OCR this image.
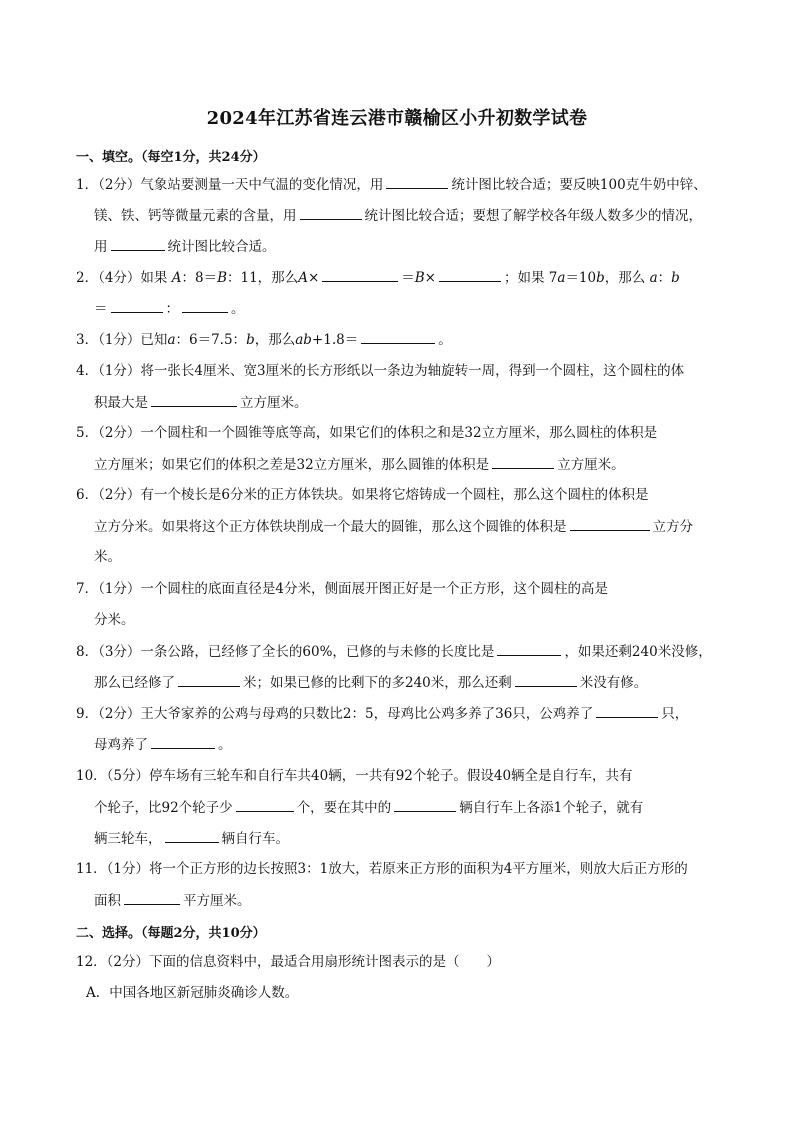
2024年江苏省连云港市赣榆区小升初数学试卷
一、填空。（每空1分，共24分）
1．（2分）气象站要测量一天中气温的变化情况，用	统计图比较合适；要反映100克牛奶中锌、
镁、铁、钙等微量元素的含量，用	统计图比较合适；要想了解学校各年级人数多少的情况，
用	统计图比较合适。
2．（4分）如果 A：8＝B：11，那么A×	＝B×	；如果 7a＝10b，那么 a：b
＝	：	。
3．（1分）已知a：6＝7.5：b，那么ab+1.8＝	。
4．（1分）将一张长4厘米、宽3厘米的长方形纸以一条边为轴旋转一周，得到一个圆柱，这个圆柱的体
积最大是	立方厘米。
5．（2分）一个圆柱和一个圆锥等底等高，如果它们的体积之和是32立方厘米，那么圆柱的体积是
立方厘米；如果它们的体积之差是32立方厘米，那么圆锥的体积是	立方厘米。
6．（2分）有一个棱长是6分米的正方体铁块。如果将它熔铸成一个圆柱，那么这个圆柱的体积是
立方分米。如果将这个正方体铁块削成一个最大的圆锥，那么这个圆锥的体积是	立方分
米。
7．（1分）一个圆柱的底面直径是4分米，侧面展开图正好是一个正方形，这个圆柱的高是
分米。
8．（3分）一条公路，已经修了全长的60%，已修的与未修的长度比是	，如果还剩240米没修，
那么已经修了	米；如果已修的比剩下的多240米，那么还剩	米没有修。
9．（2分）王大爷家养的公鸡与母鸡的只数比2：5，母鸡比公鸡多养了36只，公鸡养了	只，
母鸡养了	。
10．（5分）停车场有三轮车和自行车共40辆，一共有92个轮子。假设40辆全是自行车，共有
个轮子，比92个轮子少	个，要在其中的	辆自行车上各添1个轮子，就有
辆三轮车，	辆自行车。
11．（1分）将一个正方形的边长按照3：1放大，若原来正方形的面积为4平方厘米，则放大后正方形的
面积	平方厘米。
二、选择。（每题2分，共10分）
12．（2分）下面的信息资料中，最适合用扇形统计图表示的是（　　）
A．中国各地区新冠肺炎确诊人数。
